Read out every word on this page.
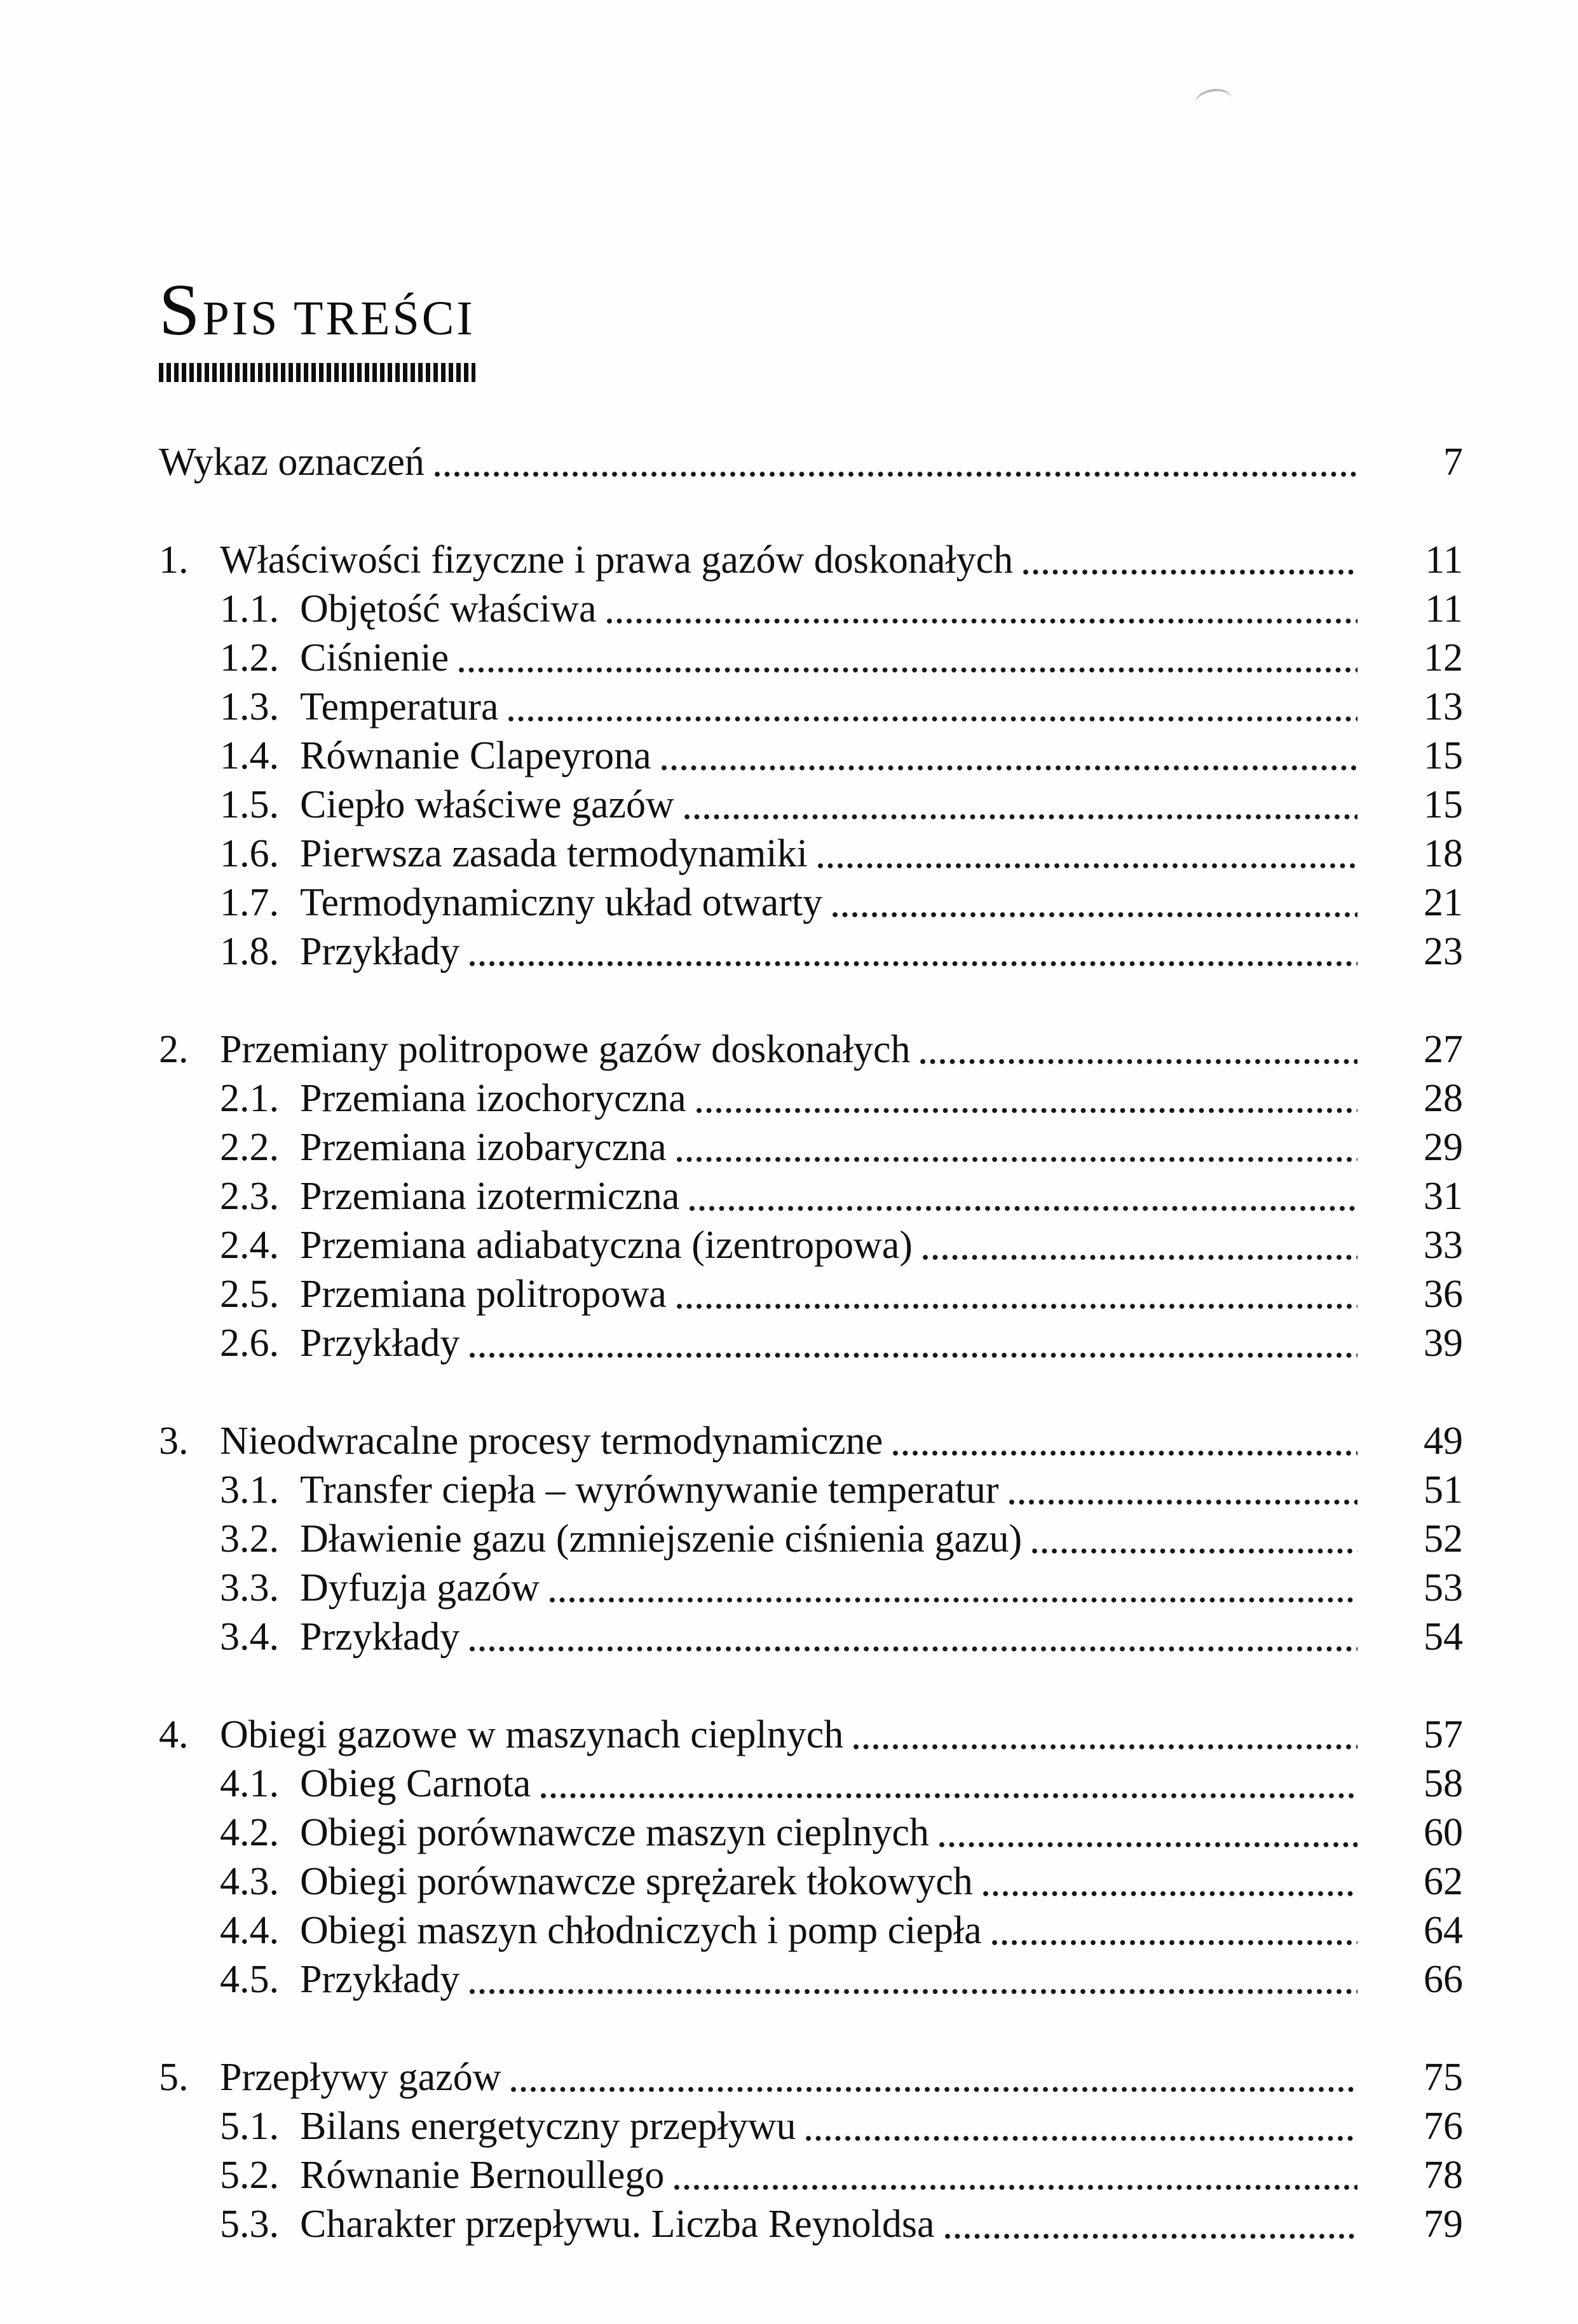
SPIS TREŚCI
Wykaz oznaczeń	7
1. Właściwości fizyczne i prawa gazów doskonałych	11
1.1. Objętość właściwa	11
1.2. Ciśnienie	12
1.3. Temperatura	13
1.4. Równanie Clapeyrona	15
1.5. Ciepło właściwe gazów	15
1.6. Pierwsza zasada termodynamiki	18
1.7. Termodynamiczny układ otwarty	21
1.8. Przykłady	23
2. Przemiany politropowe gazów doskonałych	27
2.1. Przemiana izochoryczna	28
2.2. Przemiana izobaryczna	29
2.3. Przemiana izotermiczna	31
2.4. Przemiana adiabatyczna (izentropowa)	33
2.5. Przemiana politropowa	36
2.6. Przykłady	39
3. Nieodwracalne procesy termodynamiczne	49
3.1. Transfer ciepła – wyrównywanie temperatur	51
3.2. Dławienie gazu (zmniejszenie ciśnienia gazu)	52
3.3. Dyfuzja gazów	53
3.4. Przykłady	54
4. Obiegi gazowe w maszynach cieplnych	57
4.1. Obieg Carnota	58
4.2. Obiegi porównawcze maszyn cieplnych	60
4.3. Obiegi porównawcze sprężarek tłokowych	62
4.4. Obiegi maszyn chłodniczych i pomp ciepła	64
4.5. Przykłady	66
5. Przepływy gazów	75
5.1. Bilans energetyczny przepływu	76
5.2. Równanie Bernoullego	78
5.3. Charakter przepływu. Liczba Reynoldsa	79
